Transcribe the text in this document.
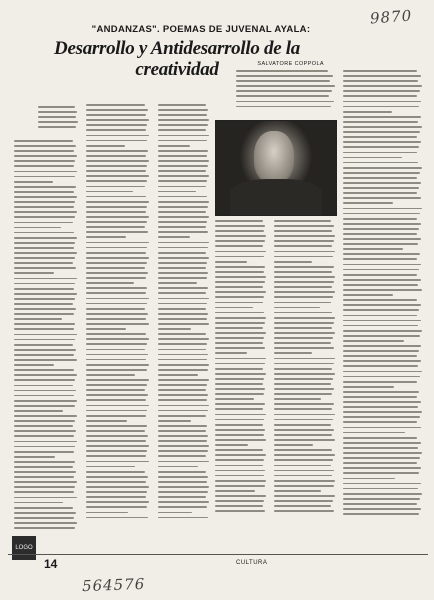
9870
"ANDANZAS". POEMAS DE JUVENAL AYALA:
Desarrollo y Antidesarrollo de la creatividad	SALVATORE COPPOLA
LOGO
14	CULTURA
564576
